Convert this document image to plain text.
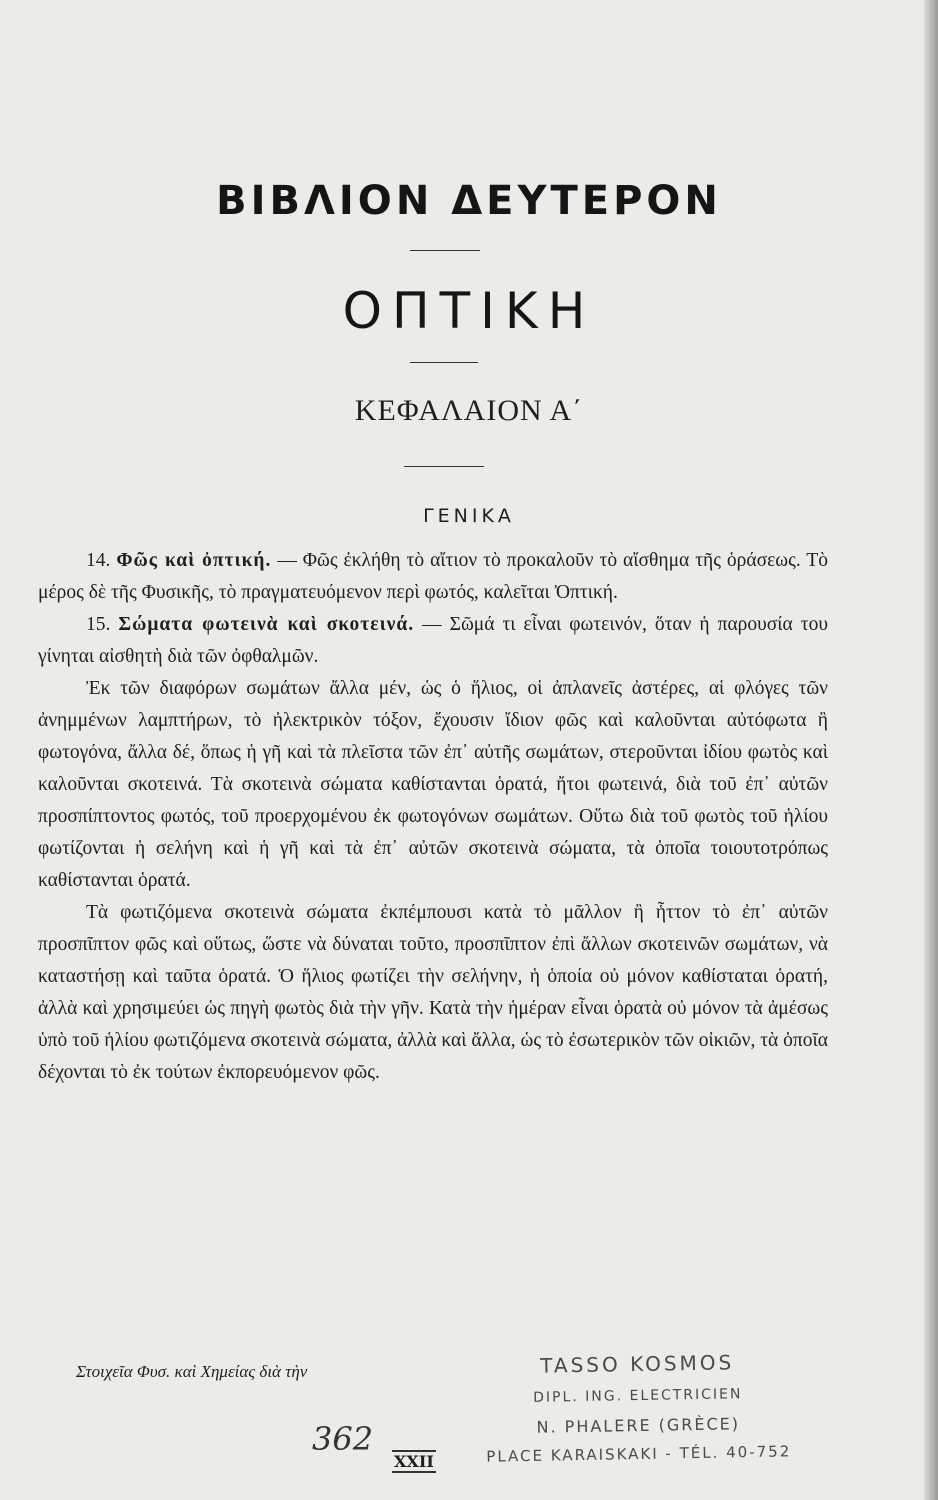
ΒΙΒΛΙΟΝ ΔΕΥΤΕΡΟΝ
ΟΠΤΙΚΗ
ΚΕΦΑΛΑΙΟΝ Α΄
ΓΕΝΙΚΑ

14. Φῶς καὶ ὀπτική. — Φῶς ἐκλήθη τὸ αἴτιον τὸ προκαλοῦν τὸ αἴσθημα τῆς ὁράσεως. Τὸ μέρος δὲ τῆς Φυσικῆς, τὸ πραγματευόμενον περὶ φωτός, καλεῖται Ὀπτική.

15. Σώματα φωτεινὰ καὶ σκοτεινά. — Σῶμά τι εἶναι φωτεινόν, ὅταν ἡ παρουσία του γίνηται αἰσθητὴ διὰ τῶν ὀφθαλμῶν.

Ἐκ τῶν διαφόρων σωμάτων ἄλλα μέν, ὡς ὁ ἥλιος, οἱ ἀπλανεῖς ἀστέρες, αἱ φλόγες τῶν ἀνημμένων λαμπτήρων, τὸ ἠλεκτρικὸν τόξον, ἔχουσιν ἴδιον φῶς καὶ καλοῦνται αὐτόφωτα ἢ φωτογόνα, ἄλλα δέ, ὅπως ἡ γῆ καὶ τὰ πλεῖστα τῶν ἐπ᾽ αὐτῆς σωμάτων, στεροῦνται ἰδίου φωτὸς καὶ καλοῦνται σκοτεινά. Τὰ σκοτεινὰ σώματα καθίστανται ὁρατά, ἤτοι φωτεινά, διὰ τοῦ ἐπ᾽ αὐτῶν προσπίπτοντος φωτός, τοῦ προερχομένου ἐκ φωτογόνων σωμάτων. Οὕτω διὰ τοῦ φωτὸς τοῦ ἡλίου φωτίζονται ἡ σελήνη καὶ ἡ γῆ καὶ τὰ ἐπ᾽ αὐτῶν σκοτεινὰ σώματα, τὰ ὁποῖα τοιουτοτρόπως καθίστανται ὁρατά.

Τὰ φωτιζόμενα σκοτεινὰ σώματα ἐκπέμπουσι κατὰ τὸ μᾶλλον ἢ ἧττον τὸ ἐπ᾽ αὐτῶν προσπῖπτον φῶς καὶ οὕτως, ὥστε νὰ δύναται τοῦτο, προσπῖπτον ἐπὶ ἄλλων σκοτεινῶν σωμάτων, νὰ καταστήσῃ καὶ ταῦτα ὁρατά. Ὁ ἥλιος φωτίζει τὴν σελήνην, ἡ ὁποία οὐ μόνον καθίσταται ὁρατή, ἀλλὰ καὶ χρησιμεύει ὡς πηγὴ φωτὸς διὰ τὴν γῆν. Κατὰ τὴν ἡμέραν εἶναι ὁρατὰ οὐ μόνον τὰ ἀμέσως ὑπὸ τοῦ ἡλίου φωτιζόμενα σκοτεινὰ σώματα, ἀλλὰ καὶ ἄλλα, ὡς τὸ ἐσωτερικὸν τῶν οἰκιῶν, τὰ ὁποῖα δέχονται τὸ ἐκ τούτων ἐκπορευόμενον φῶς.

Στοιχεῖα Φυσ. καὶ Χημείας διὰ τὴν	TASSO KOSMOS
DIPL. ING. ELECTRICIEN
N. PHALERE (GRÈCE)
PLACE KARAISKAKI - TÉL. 40-752
362
XXII
